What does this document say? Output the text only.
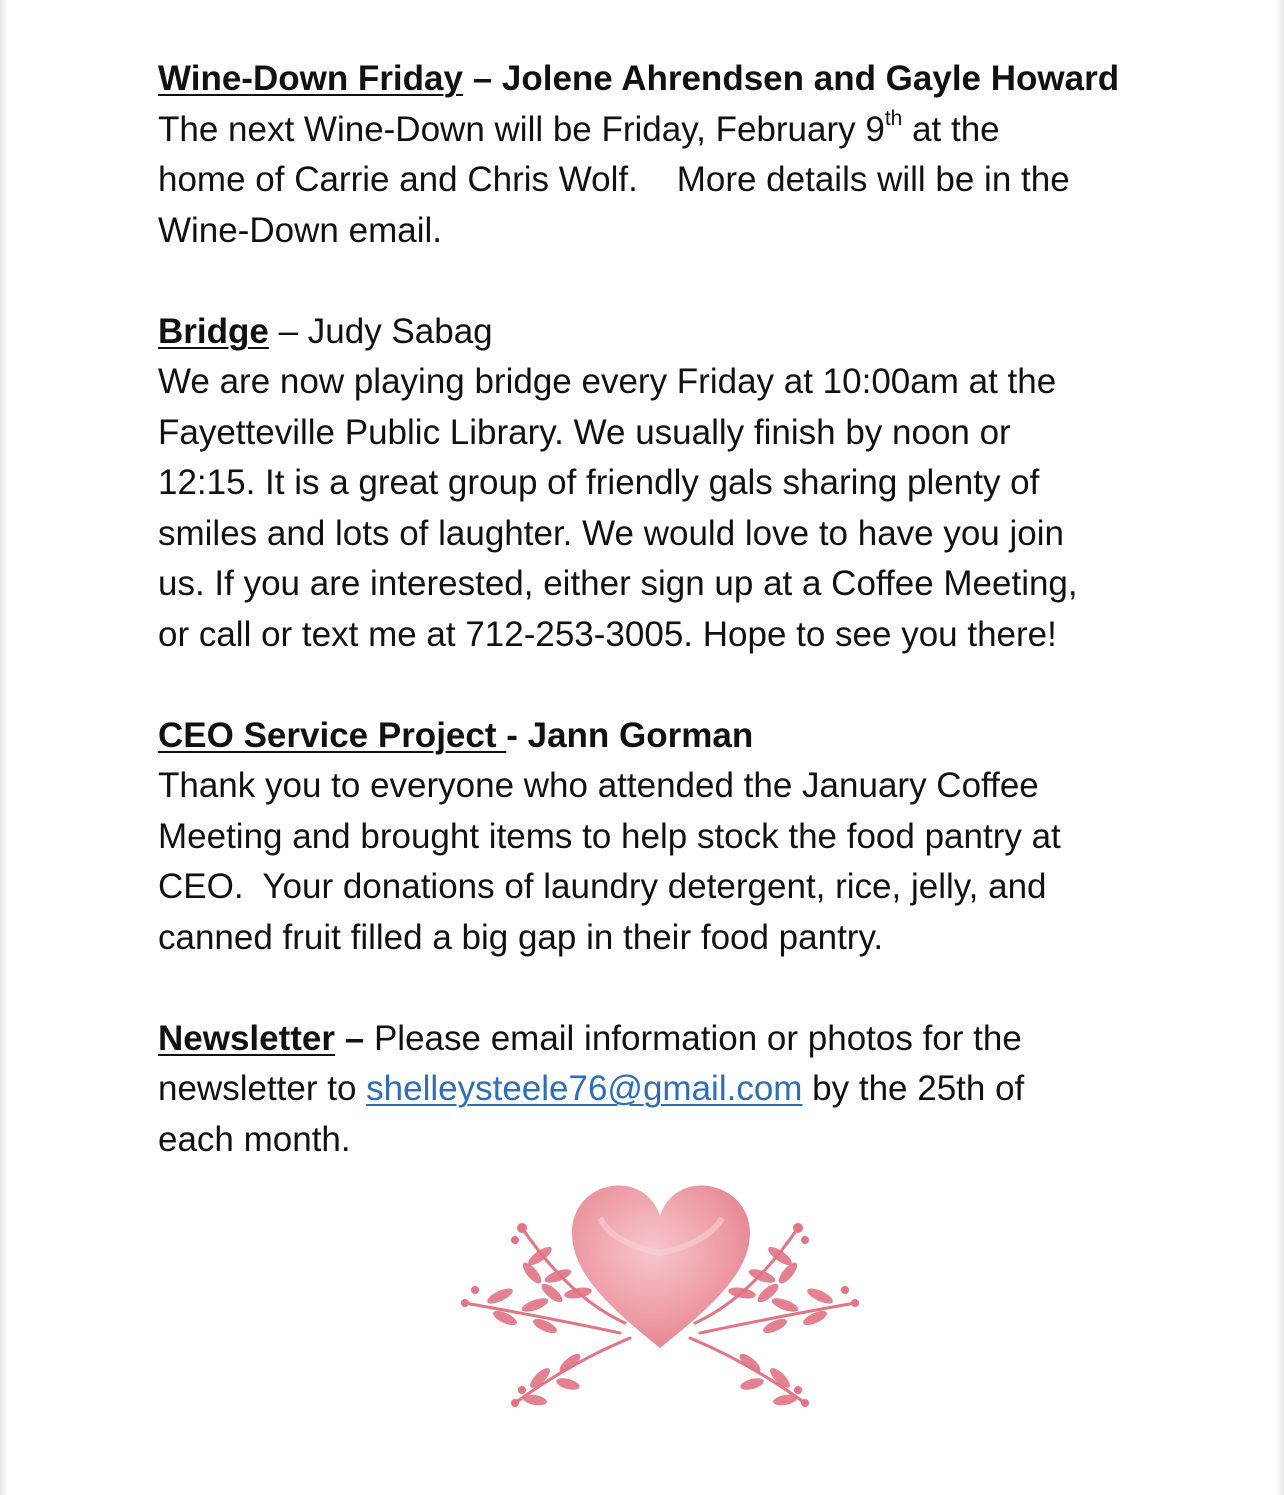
Wine-Down Friday – Jolene Ahrendsen and Gayle Howard
The next Wine-Down will be Friday, February 9th at the
home of Carrie and Chris Wolf.    More details will be in the
Wine-Down email.
Bridge – Judy Sabag
We are now playing bridge every Friday at 10:00am at the
Fayetteville Public Library. We usually finish by noon or
12:15. It is a great group of friendly gals sharing plenty of
smiles and lots of laughter. We would love to have you join
us. If you are interested, either sign up at a Coffee Meeting,
or call or text me at 712-253-3005. Hope to see you there!
CEO Service Project - Jann Gorman
Thank you to everyone who attended the January Coffee
Meeting and brought items to help stock the food pantry at
CEO.  Your donations of laundry detergent, rice, jelly, and
canned fruit filled a big gap in their food pantry.
Newsletter – Please email information or photos for the
newsletter to shelleysteele76@gmail.com by the 25th of
each month.
